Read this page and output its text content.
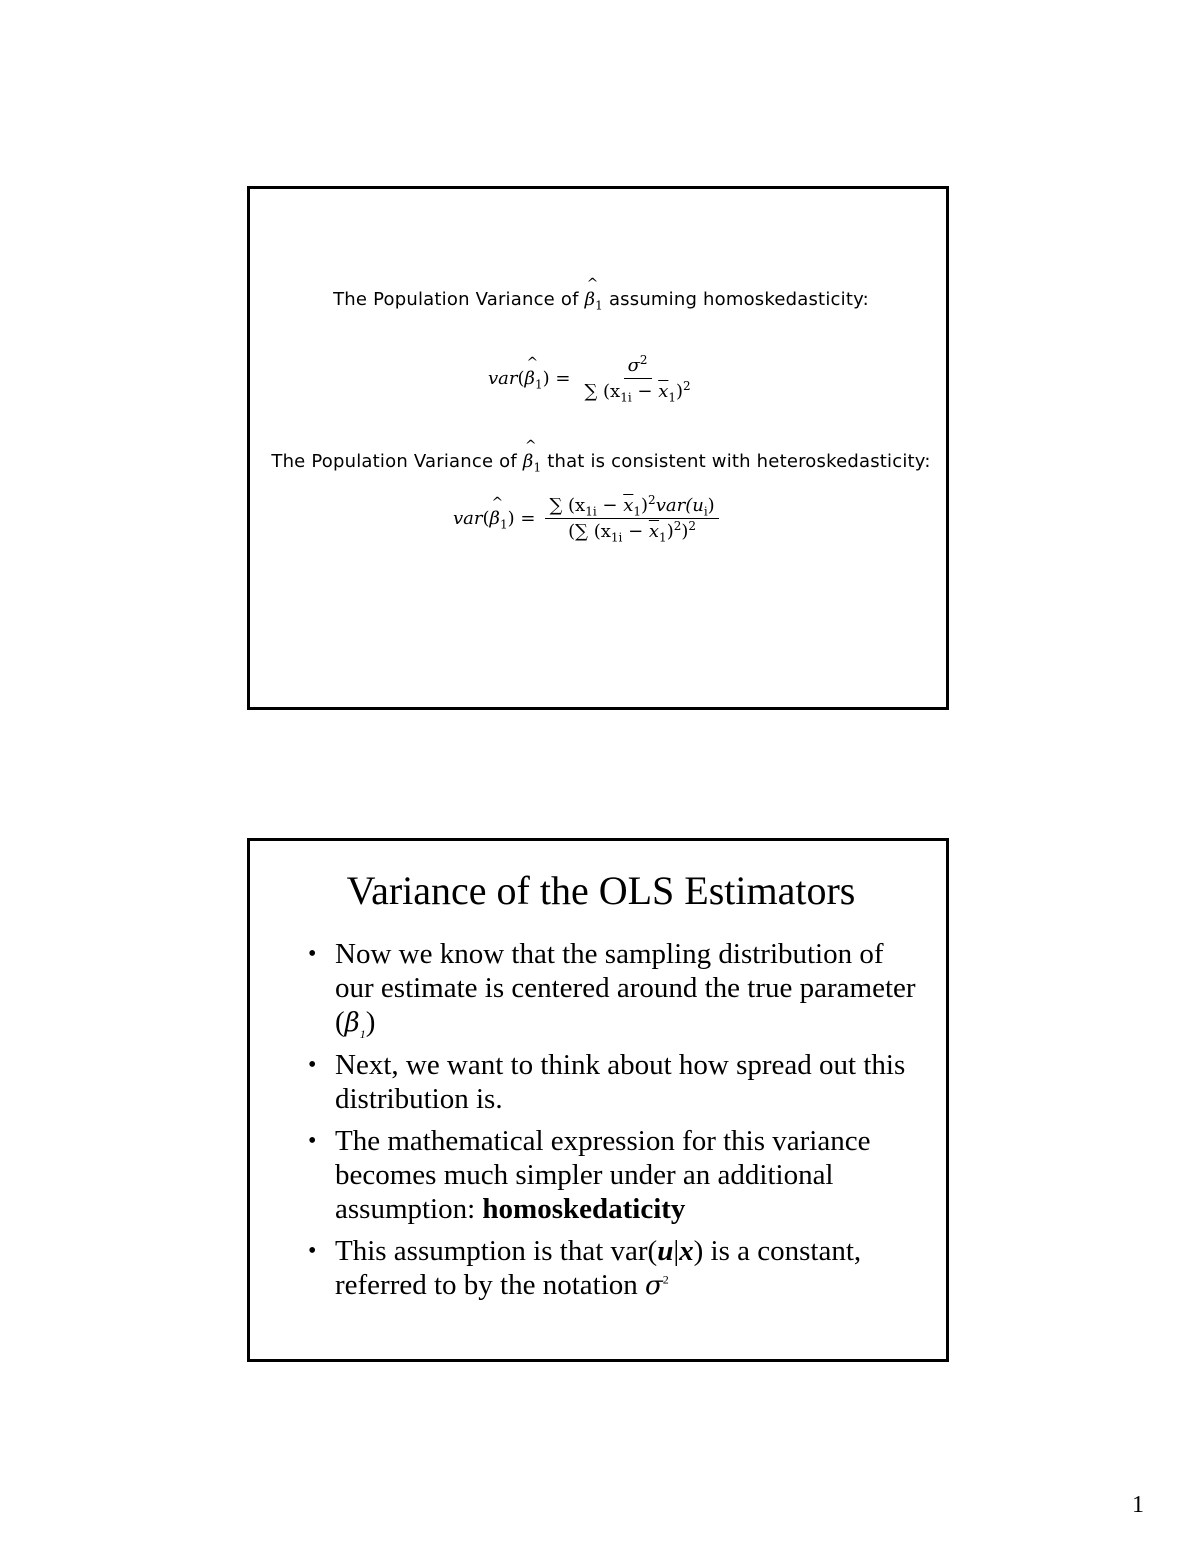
The Population Variance of
^
$\beta_1$ assuming homoskedasticity:
var(
^
$\beta_1) = \frac{\sigma^2}{\sum (x_{1i} - \overline{x}_1)^2}$
The Population Variance of
^
$\beta_1$ that is consistent with heteroskedasticity:
var(
^
$\beta_1) = \frac{\sum (x_{1i} - \overline{x}_1)^2var(u_i)}{(\sum (x_{1i} - \overline{x}_1)^2)^2}$
Variance of the OLS Estimators
• Now we know that the sampling distribution of our estimate is centered around the true parameter $(\beta_1)$
• Next, we want to think about how spread out this distribution is.
• The mathematical expression for this variance becomes much simpler under an additional assumption: homoskedaticity
• This assumption is that var(u|x) is a constant, referred to by the notation $\sigma^2$
1
